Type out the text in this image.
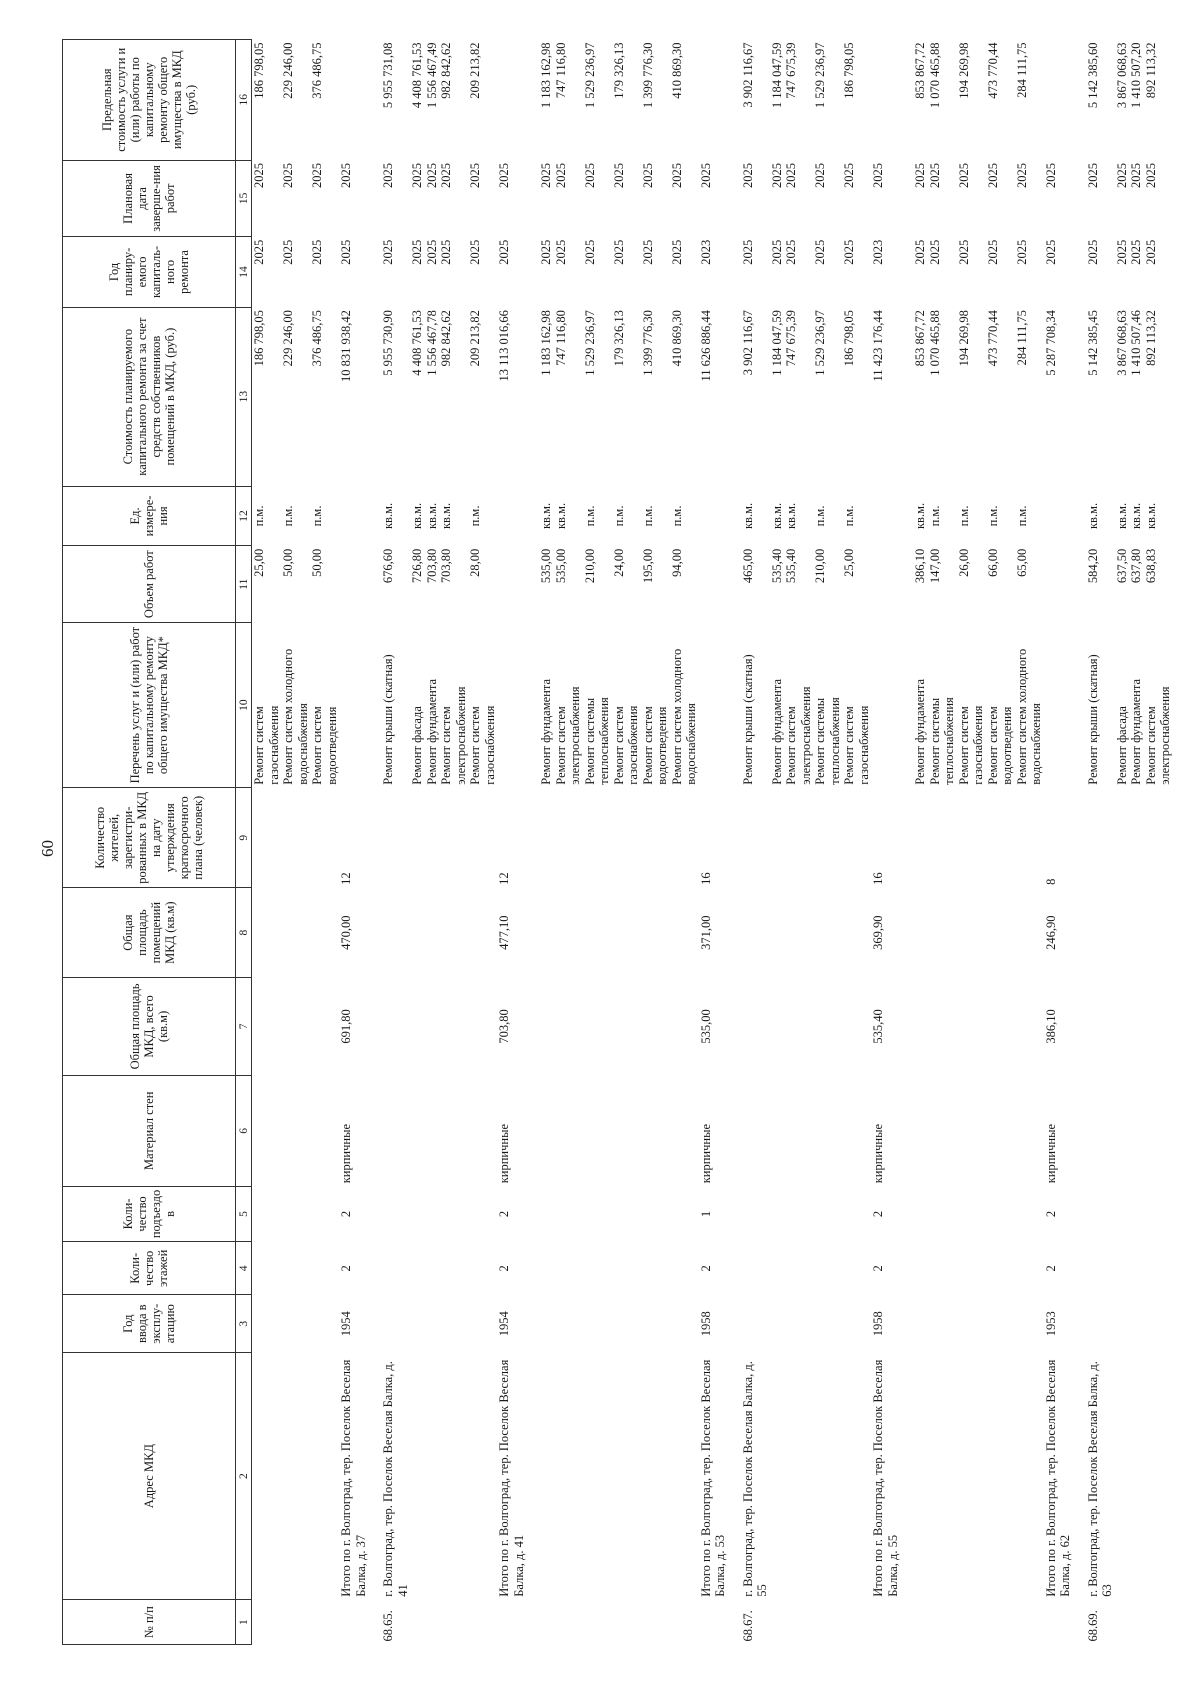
60
№ п/п	Адрес МКД	Год ввода в эксплу-атацию	Коли-чество этажей	Коли-чество подъездо в	Материал стен	Общая площадь МКД, всего (кв.м)	Общая площадь помещений МКД (кв.м)	Количество жителей, зарегистри-рованных в МКД на дату утверждения краткосрочного плана (человек)	Перечень услуг и (или) работ по капитальному ремонту общего имущества МКД*	Объем работ	Ед. измере-ния	Стоимость планируемого капитального ремонта за счет средств собственников помещений в МКД, (руб.)	Год планиру-емого капиталь-ного ремонта	Плановая дата заверше-ния работ	Предельная стоимость услуги и (или) работы по капитальному ремонту общего имущества в МКД (руб.)
1	2	3	4	5	6	7	8	9	10	11	12	13	14	15	16
									Ремонт систем газоснабжения	25,00	п.м.	186 798,05	2025	2025	186 798,05
									Ремонт систем холодного водоснабжения	50,00	п.м.	229 246,00	2025	2025	229 246,00
									Ремонт систем водоотведения	50,00	п.м.	376 486,75	2025	2025	376 486,75
	Итого по г. Волгоград, тер. Поселок Веселая Балка, д. 37	1954	2	2	кирпичные	691,80	470,00	12				10 831 938,42	2025	2025	

68.65.	г. Волгоград, тер. Поселок Веселая Балка, д. 41								Ремонт крыши (скатная)	676,60	кв.м.	5 955 730,90	2025	2025	5 955 731,08
									Ремонт фасада	726,80	кв.м.	4 408 761,53	2025	2025	4 408 761,53
									Ремонт фундамента	703,80	кв.м.	1 556 467,78	2025	2025	1 556 467,49
									Ремонт систем электроснабжения	703,80	кв.м.	982 842,62	2025	2025	982 842,62
									Ремонт систем газоснабжения	28,00	п.м.	209 213,82	2025	2025	209 213,82
	Итого по г. Волгоград, тер. Поселок Веселая Балка, д. 41	1954	2	2	кирпичные	703,80	477,10	12				13 113 016,66	2025	2025	

									Ремонт фундамента	535,00	кв.м.	1 183 162,98	2025	2025	1 183 162,98
									Ремонт систем электроснабжения	535,00	кв.м.	747 116,80	2025	2025	747 116,80
									Ремонт системы теплоснабжения	210,00	п.м.	1 529 236,97	2025	2025	1 529 236,97
									Ремонт систем газоснабжения	24,00	п.м.	179 326,13	2025	2025	179 326,13
									Ремонт систем водоотведения	195,00	п.м.	1 399 776,30	2025	2025	1 399 776,30
									Ремонт систем холодного водоснабжения	94,00	п.м.	410 869,30	2025	2025	410 869,30
	Итого по г. Волгоград, тер. Поселок Веселая Балка, д. 53	1958	2	1	кирпичные	535,00	371,00	16				11 626 886,44	2023	2025	

68.67.	г. Волгоград, тер. Поселок Веселая Балка, д. 55								Ремонт крыши (скатная)	465,00	кв.м.	3 902 116,67	2025	2025	3 902 116,67
									Ремонт фундамента	535,40	кв.м.	1 184 047,59	2025	2025	1 184 047,59
									Ремонт систем электроснабжения	535,40	кв.м.	747 675,39	2025	2025	747 675,39
									Ремонт системы теплоснабжения	210,00	п.м.	1 529 236,97	2025	2025	1 529 236,97
									Ремонт систем газоснабжения	25,00	п.м.	186 798,05	2025	2025	186 798,05
	Итого по г. Волгоград, тер. Поселок Веселая Балка, д. 55	1958	2	2	кирпичные	535,40	369,90	16				11 423 176,44	2023	2025	

									Ремонт фундамента	386,10	кв.м.	853 867,72	2025	2025	853 867,72
									Ремонт системы теплоснабжения	147,00	п.м.	1 070 465,88	2025	2025	1 070 465,88
									Ремонт систем газоснабжения	26,00	п.м.	194 269,98	2025	2025	194 269,98
									Ремонт систем водоотведения	66,00	п.м.	473 770,44	2025	2025	473 770,44
									Ремонт систем холодного водоснабжения	65,00	п.м.	284 111,75	2025	2025	284 111,75
	Итого по г. Волгоград, тер. Поселок Веселая Балка, д. 62	1953	2	2	кирпичные	386,10	246,90	8				5 287 708,34	2025	2025	

68.69.	г. Волгоград, тер. Поселок Веселая Балка, д. 63								Ремонт крыши (скатная)	584,20	кв.м.	5 142 385,45	2025	2025	5 142 385,60
									Ремонт фасада	637,50	кв.м.	3 867 068,63	2025	2025	3 867 068,63
									Ремонт фундамента	637,80	кв.м.	1 410 507,46	2025	2025	1 410 507,20
									Ремонт систем электроснабжения	638,83	кв.м.	892 113,32	2025	2025	892 113,32
